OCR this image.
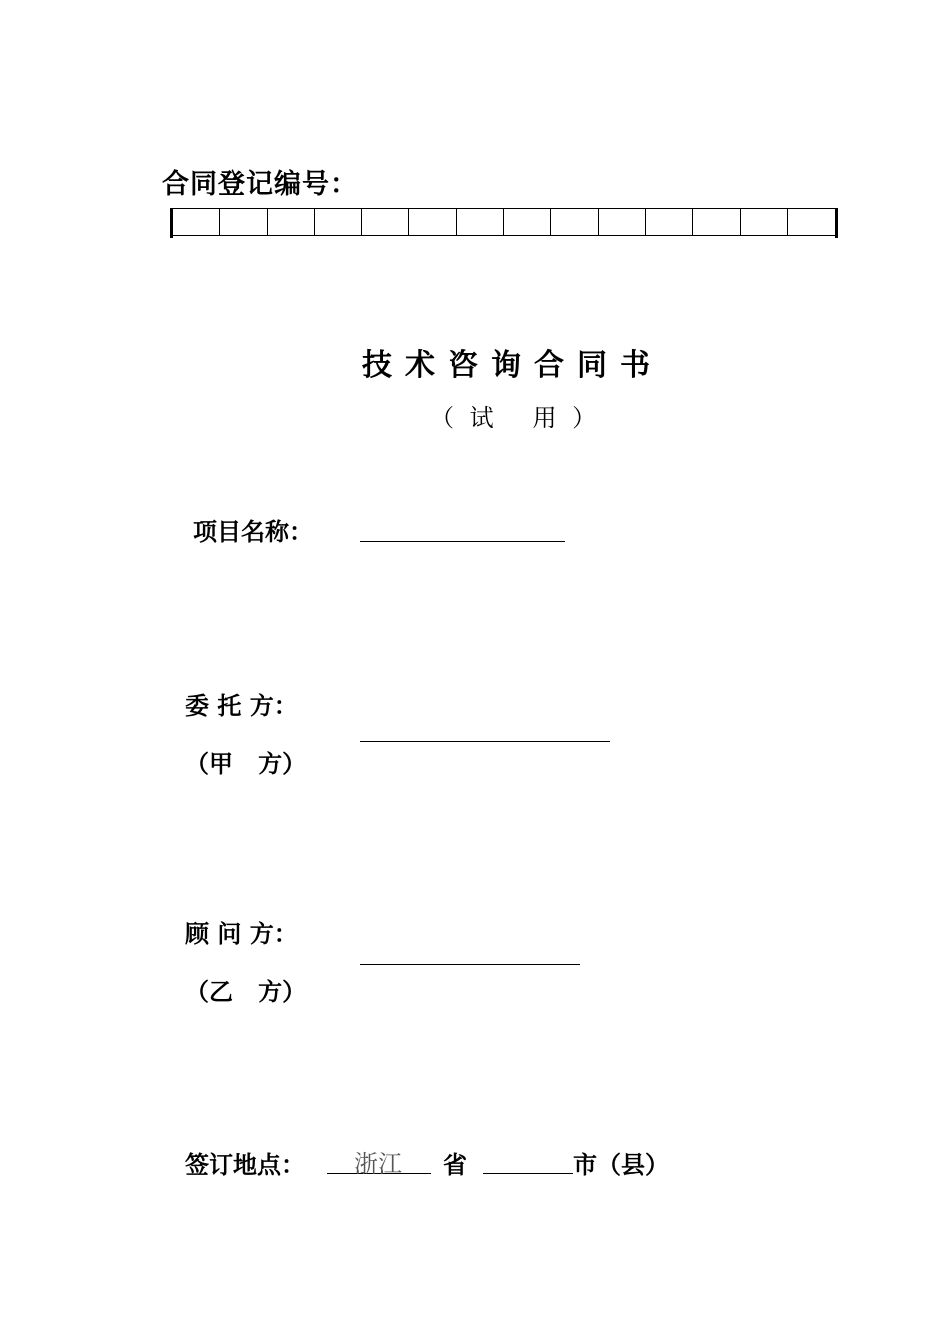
合同登记编号：
技术咨询合同书
（ 试   用 ）
项目名称：
委 托 方：
（甲   方）
顾 问 方：
（乙   方）
签订地点：	浙江	省	市（县）
